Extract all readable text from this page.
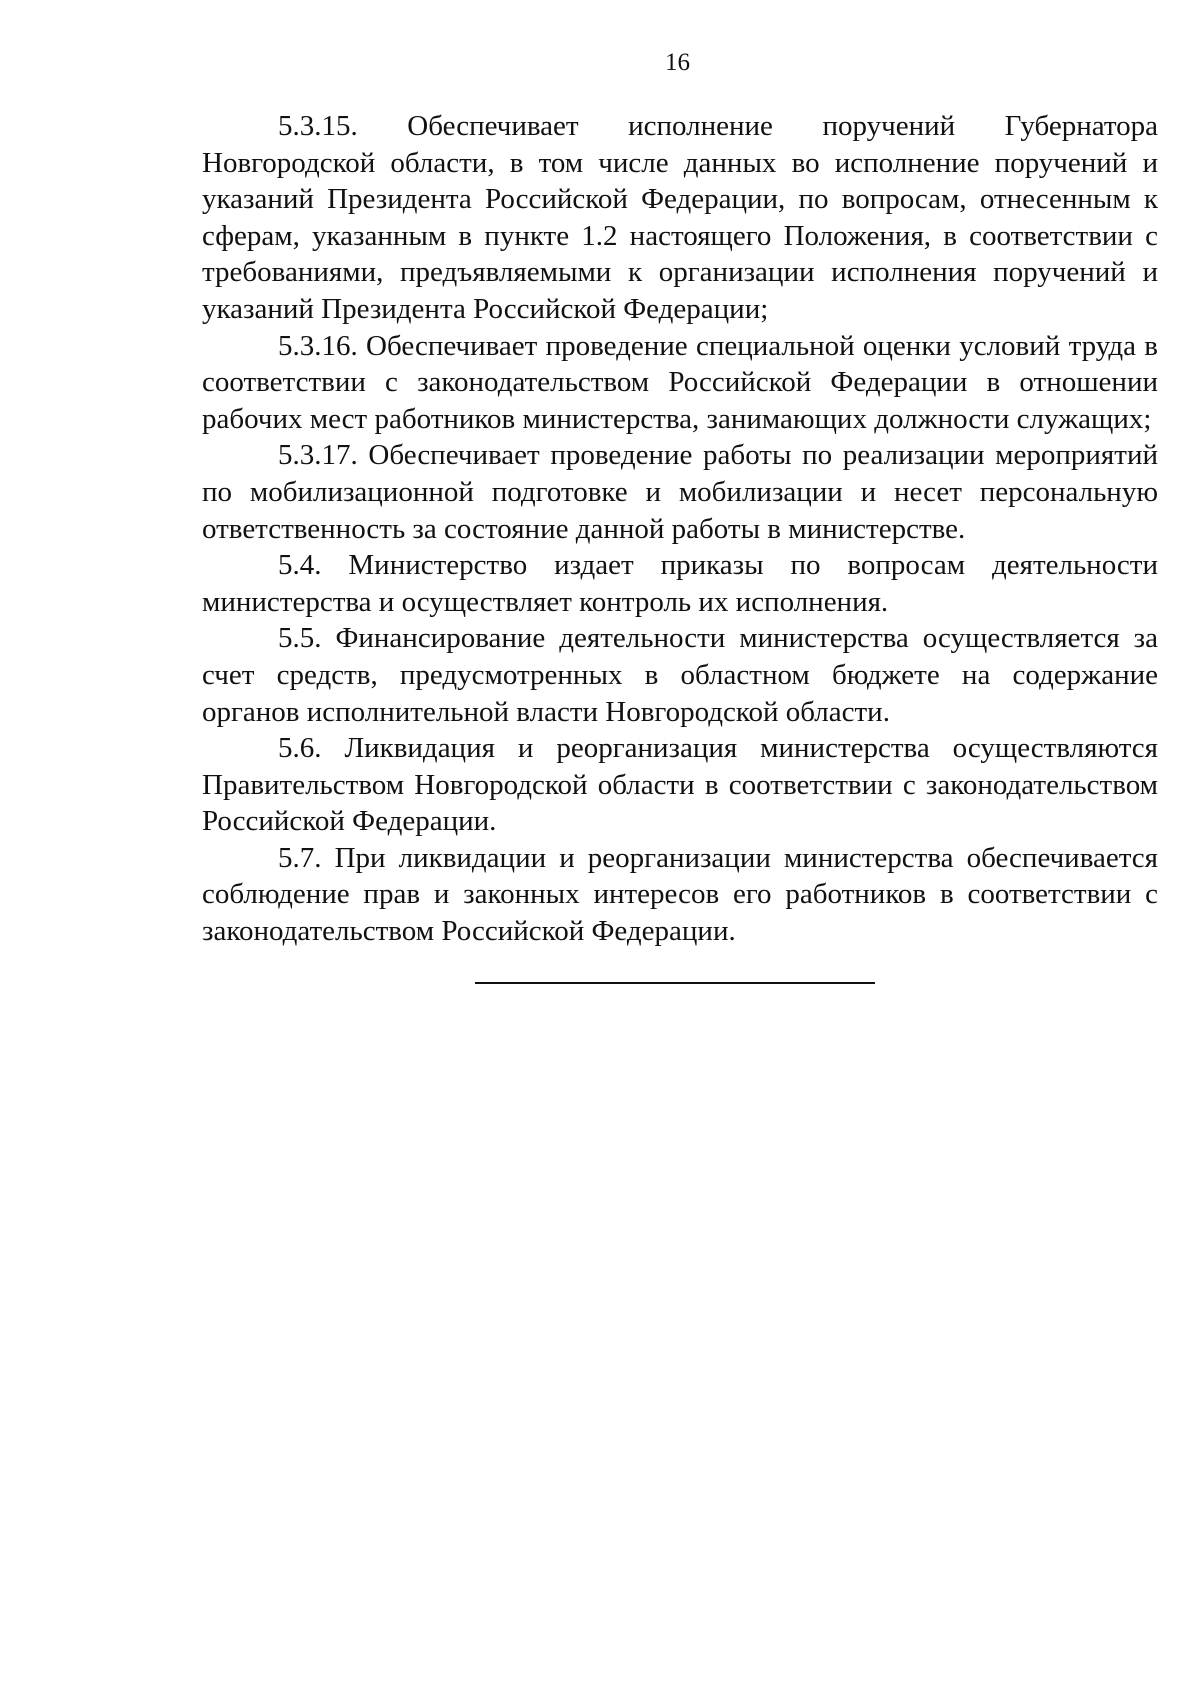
16

5.3.15. Обеспечивает исполнение поручений Губернатора Новгородской области, в том числе данных во исполнение поручений и указаний Президента Российской Федерации, по вопросам, отнесенным к сферам, указанным в пункте 1.2 настоящего Положения, в соответствии с требованиями, предъявляемыми к организации исполнения поручений и указаний Президента Российской Федерации;

5.3.16. Обеспечивает проведение специальной оценки условий труда в соответствии с законодательством Российской Федерации в отношении рабочих мест работников министерства, занимающих должности служащих;

5.3.17. Обеспечивает проведение работы по реализации мероприятий по мобилизационной подготовке и мобилизации и несет персональную ответственность за состояние данной работы в министерстве.

5.4. Министерство издает приказы по вопросам деятельности министерства и осуществляет контроль их исполнения.

5.5. Финансирование деятельности министерства осуществляется за счет средств, предусмотренных в областном бюджете на содержание органов исполнительной власти Новгородской области.

5.6. Ликвидация и реорганизация министерства осуществляются Правительством Новгородской области в соответствии с законодательством Российской Федерации.

5.7. При ликвидации и реорганизации министерства обеспечивается соблюдение прав и законных интересов его работников в соответствии с законодательством Российской Федерации.
